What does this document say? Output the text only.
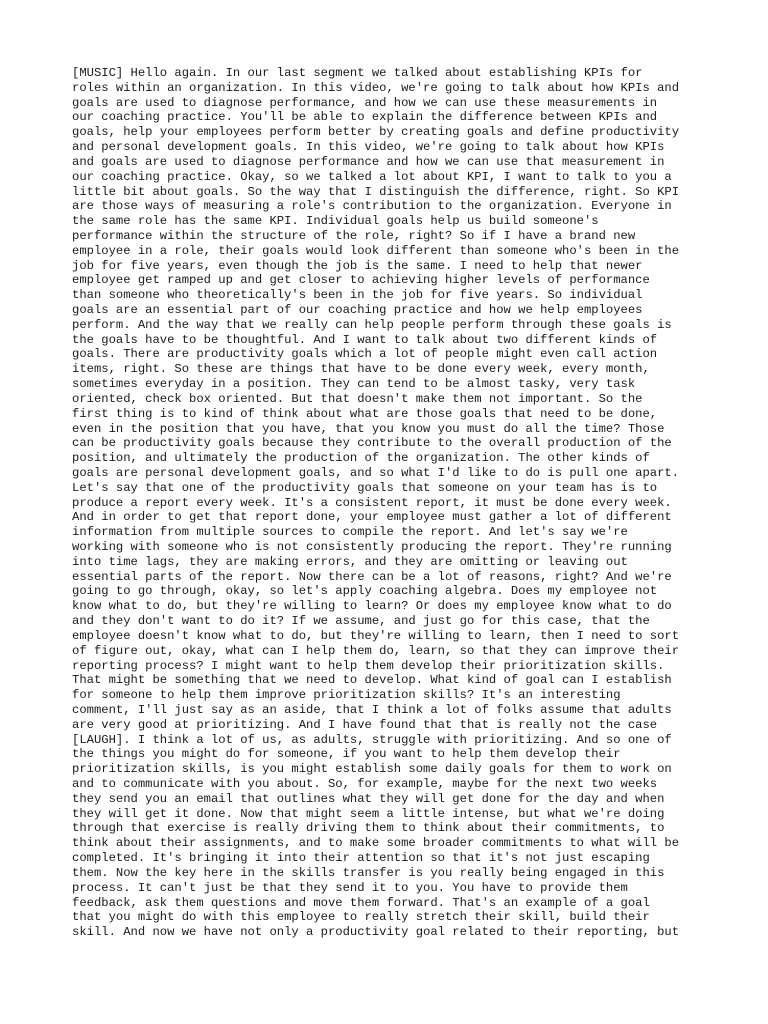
[MUSIC] Hello again. In our last segment we talked about establishing KPIs for
roles within an organization. In this video, we're going to talk about how KPIs and
goals are used to diagnose performance, and how we can use these measurements in
our coaching practice. You'll be able to explain the difference between KPIs and
goals, help your employees perform better by creating goals and define productivity
and personal development goals. In this video, we're going to talk about how KPIs
and goals are used to diagnose performance and how we can use that measurement in
our coaching practice. Okay, so we talked a lot about KPI, I want to talk to you a
little bit about goals. So the way that I distinguish the difference, right. So KPI
are those ways of measuring a role's contribution to the organization. Everyone in
the same role has the same KPI. Individual goals help us build someone's
performance within the structure of the role, right? So if I have a brand new
employee in a role, their goals would look different than someone who's been in the
job for five years, even though the job is the same. I need to help that newer
employee get ramped up and get closer to achieving higher levels of performance
than someone who theoretically's been in the job for five years. So individual
goals are an essential part of our coaching practice and how we help employees
perform. And the way that we really can help people perform through these goals is
the goals have to be thoughtful. And I want to talk about two different kinds of
goals. There are productivity goals which a lot of people might even call action
items, right. So these are things that have to be done every week, every month,
sometimes everyday in a position. They can tend to be almost tasky, very task
oriented, check box oriented. But that doesn't make them not important. So the
first thing is to kind of think about what are those goals that need to be done,
even in the position that you have, that you know you must do all the time? Those
can be productivity goals because they contribute to the overall production of the
position, and ultimately the production of the organization. The other kinds of
goals are personal development goals, and so what I'd like to do is pull one apart.
Let's say that one of the productivity goals that someone on your team has is to
produce a report every week. It's a consistent report, it must be done every week.
And in order to get that report done, your employee must gather a lot of different
information from multiple sources to compile the report. And let's say we're
working with someone who is not consistently producing the report. They're running
into time lags, they are making errors, and they are omitting or leaving out
essential parts of the report. Now there can be a lot of reasons, right? And we're
going to go through, okay, so let's apply coaching algebra. Does my employee not
know what to do, but they're willing to learn? Or does my employee know what to do
and they don't want to do it? If we assume, and just go for this case, that the
employee doesn't know what to do, but they're willing to learn, then I need to sort
of figure out, okay, what can I help them do, learn, so that they can improve their
reporting process? I might want to help them develop their prioritization skills.
That might be something that we need to develop. What kind of goal can I establish
for someone to help them improve prioritization skills? It's an interesting
comment, I'll just say as an aside, that I think a lot of folks assume that adults
are very good at prioritizing. And I have found that that is really not the case
[LAUGH]. I think a lot of us, as adults, struggle with prioritizing. And so one of
the things you might do for someone, if you want to help them develop their
prioritization skills, is you might establish some daily goals for them to work on
and to communicate with you about. So, for example, maybe for the next two weeks
they send you an email that outlines what they will get done for the day and when
they will get it done. Now that might seem a little intense, but what we're doing
through that exercise is really driving them to think about their commitments, to
think about their assignments, and to make some broader commitments to what will be
completed. It's bringing it into their attention so that it's not just escaping
them. Now the key here in the skills transfer is you really being engaged in this
process. It can't just be that they send it to you. You have to provide them
feedback, ask them questions and move them forward. That's an example of a goal
that you might do with this employee to really stretch their skill, build their
skill. And now we have not only a productivity goal related to their reporting, but
